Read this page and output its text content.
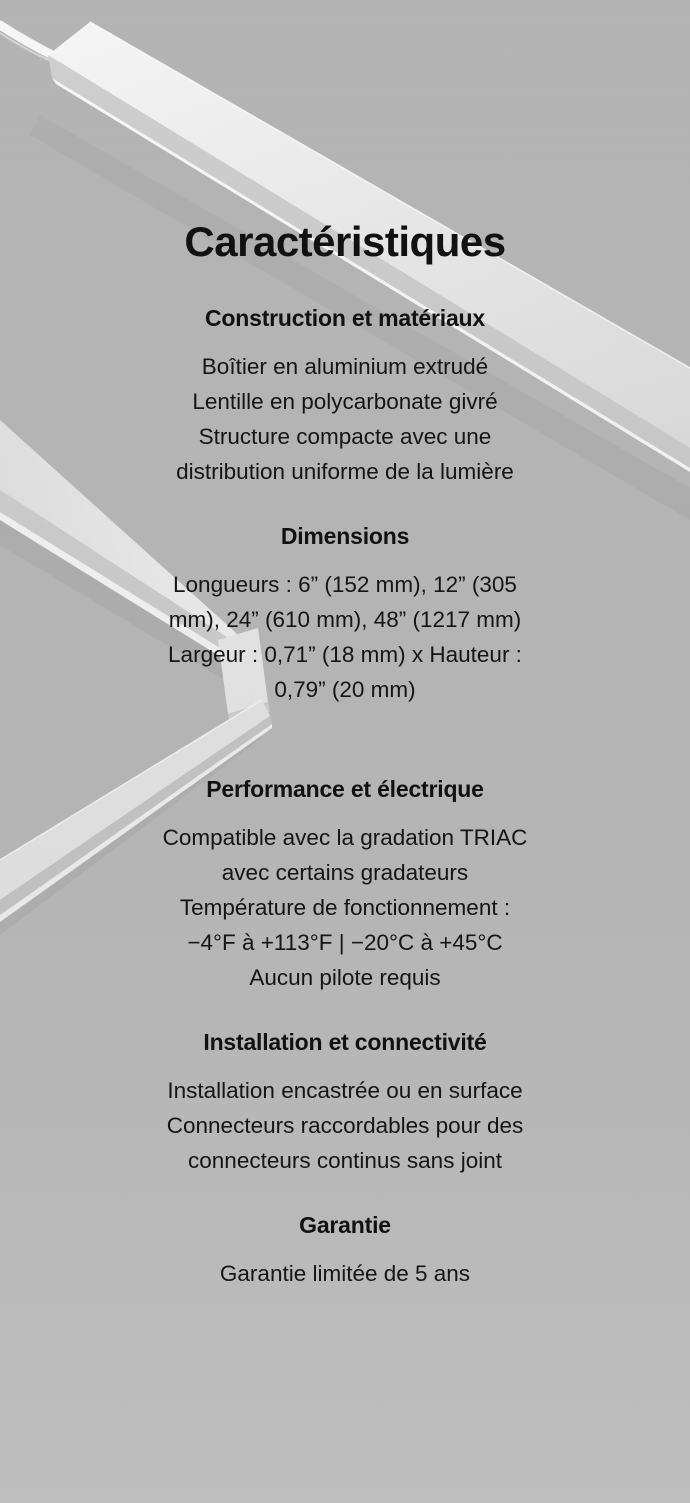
Caractéristiques
Construction et matériaux
Boîtier en aluminium extrudé
Lentille en polycarbonate givré
Structure compacte avec une
distribution uniforme de la lumière
Dimensions
Longueurs : 6” (152 mm), 12” (305
mm), 24” (610 mm), 48” (1217 mm)
Largeur : 0,71” (18 mm) x Hauteur :
0,79” (20 mm)
Performance et électrique
Compatible avec la gradation TRIAC
avec certains gradateurs
Température de fonctionnement :
−4°F à +113°F | −20°C à +45°C
Aucun pilote requis
Installation et connectivité
Installation encastrée ou en surface
Connecteurs raccordables pour des
connecteurs continus sans joint
Garantie
Garantie limitée de 5 ans
